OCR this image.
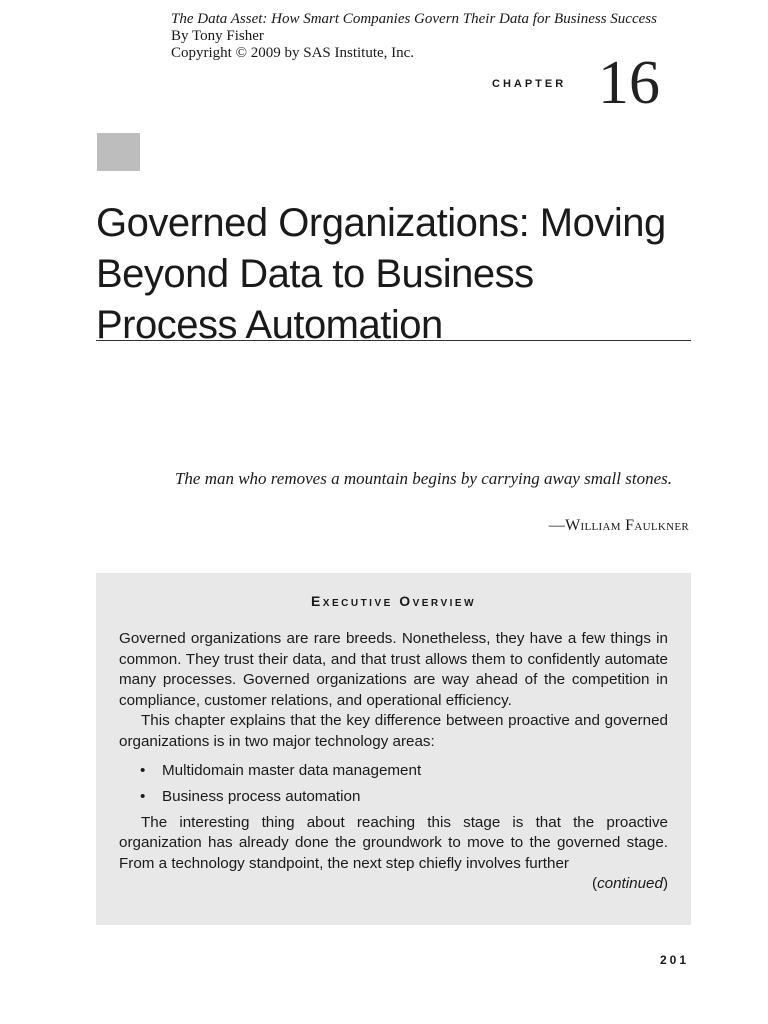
The Data Asset: How Smart Companies Govern Their Data for Business Success
By Tony Fisher
Copyright © 2009 by SAS Institute, Inc.
CHAPTER 16
Governed Organizations: Moving
Beyond Data to Business
Process Automation
The man who removes a mountain begins by carrying away small stones.
—William Faulkner
Executive Overview

Governed organizations are rare breeds. Nonetheless, they have a few things in common. They trust their data, and that trust allows them to confidently automate many processes. Governed organizations are way ahead of the competition in compliance, customer relations, and operational efficiency.

This chapter explains that the key difference between proactive and governed organizations is in two major technology areas:

• Multidomain master data management
• Business process automation

The interesting thing about reaching this stage is that the proactive organization has already done the groundwork to move to the governed stage. From a technology standpoint, the next step chiefly involves further

(continued)
201
